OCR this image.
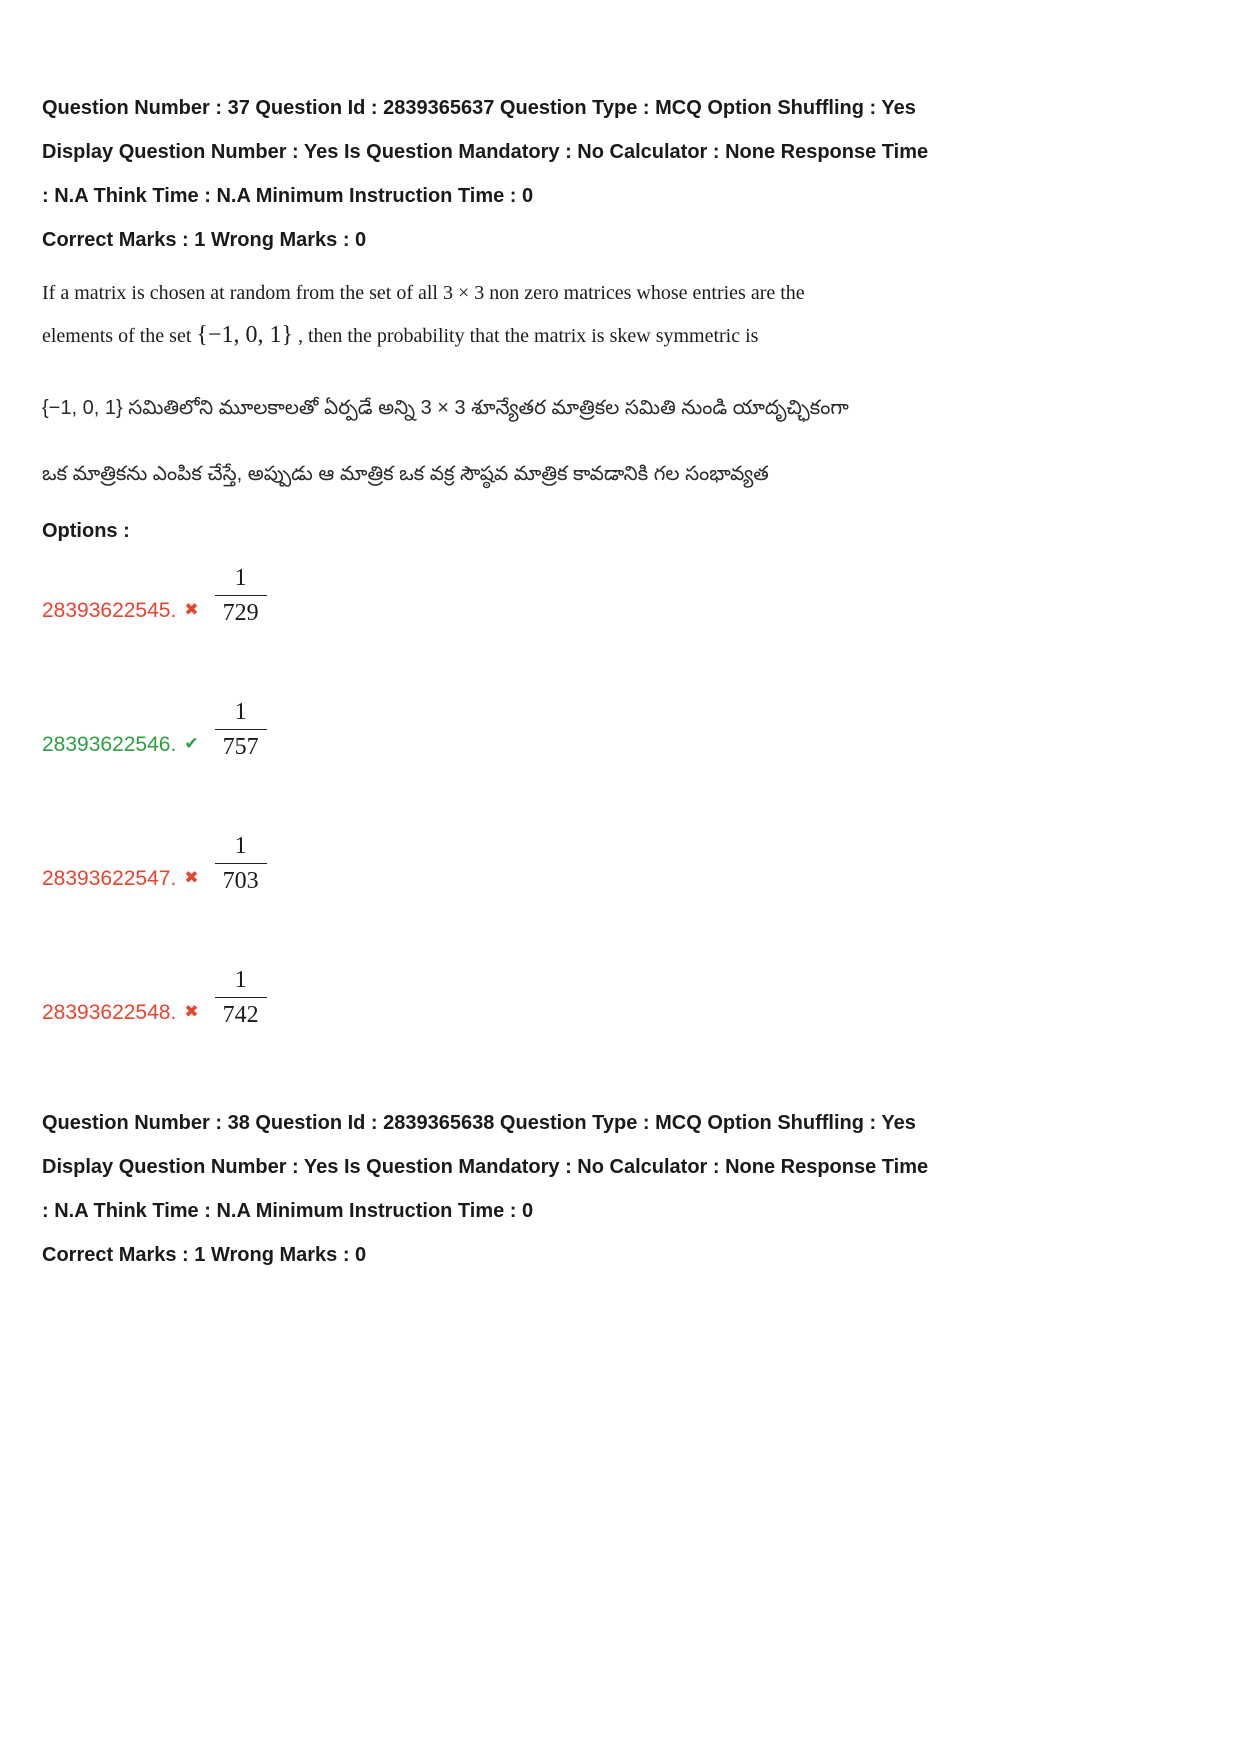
Question Number : 37 Question Id : 2839365637 Question Type : MCQ Option Shuffling : Yes
Display Question Number : Yes Is Question Mandatory : No Calculator : None Response Time
: N.A Think Time : N.A Minimum Instruction Time : 0
Correct Marks : 1 Wrong Marks : 0
If a matrix is chosen at random from the set of all 3 × 3 non zero matrices whose entries are the
elements of the set {−1, 0, 1} , then the probability that the matrix is skew symmetric is
{−1, 0, 1} సమితిలోని మూలకాలతో ఏర్పడే అన్ని 3 × 3 శూన్యేతర మాత్రికల సమితి నుండి యాదృచ్ఛికంగా
ఒక మాత్రికను ఎంపిక చేస్తే, అప్పుడు ఆ మాత్రిక ఒక వక్ర సౌష్ఠవ మాత్రిక కావడానికి గల సంభావ్యత
Options :
28393622545. ✖ $\frac{1}{729}$
28393622546. ✔ $\frac{1}{757}$
28393622547. ✖ $\frac{1}{703}$
28393622548. ✖ $\frac{1}{742}$
Question Number : 38 Question Id : 2839365638 Question Type : MCQ Option Shuffling : Yes
Display Question Number : Yes Is Question Mandatory : No Calculator : None Response Time
: N.A Think Time : N.A Minimum Instruction Time : 0
Correct Marks : 1 Wrong Marks : 0
